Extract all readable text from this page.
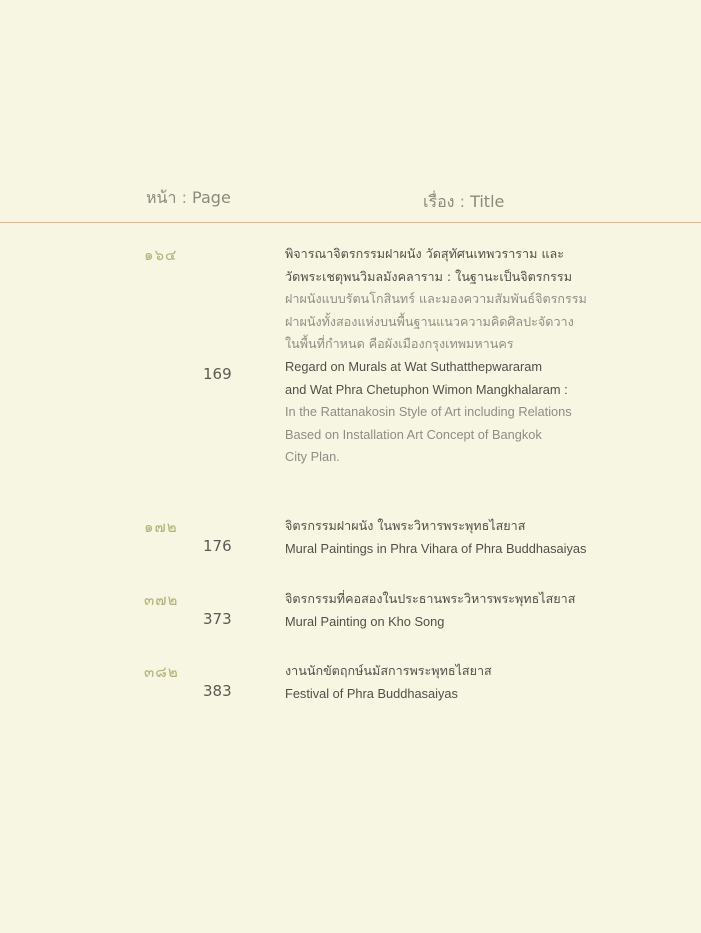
หน้า : Page	เรื่อง : Title
๑๖๔
169
พิจารณาจิตรกรรมฝาผนัง วัดสุทัศนเทพวราราม และ
วัดพระเชตุพนวิมลมังคลาราม : ในฐานะเป็นจิตรกรรม
ฝาผนังแบบรัตนโกสินทร์ และมองความสัมพันธ์จิตรกรรม
ฝาผนังทั้งสองแห่งบนพื้นฐานแนวความคิดศิลปะจัดวาง
ในพื้นที่กำหนด คือผังเมืองกรุงเทพมหานคร
Regard on Murals at Wat Suthatthepwararam
and Wat Phra Chetuphon Wimon Mangkhalaram :
In the Rattanakosin Style of Art including Relations
Based on Installation Art Concept of Bangkok
City Plan.
๑๗๒
176
จิตรกรรมฝาผนัง ในพระวิหารพระพุทธไสยาส
Mural Paintings in Phra Vihara of Phra Buddhasaiyas
๓๗๒
373
จิตรกรรมที่คอสองในประธานพระวิหารพระพุทธไสยาส
Mural Painting on Kho Song
๓๘๒
383
งานนักขัตฤกษ์นมัสการพระพุทธไสยาส
Festival of Phra Buddhasaiyas
